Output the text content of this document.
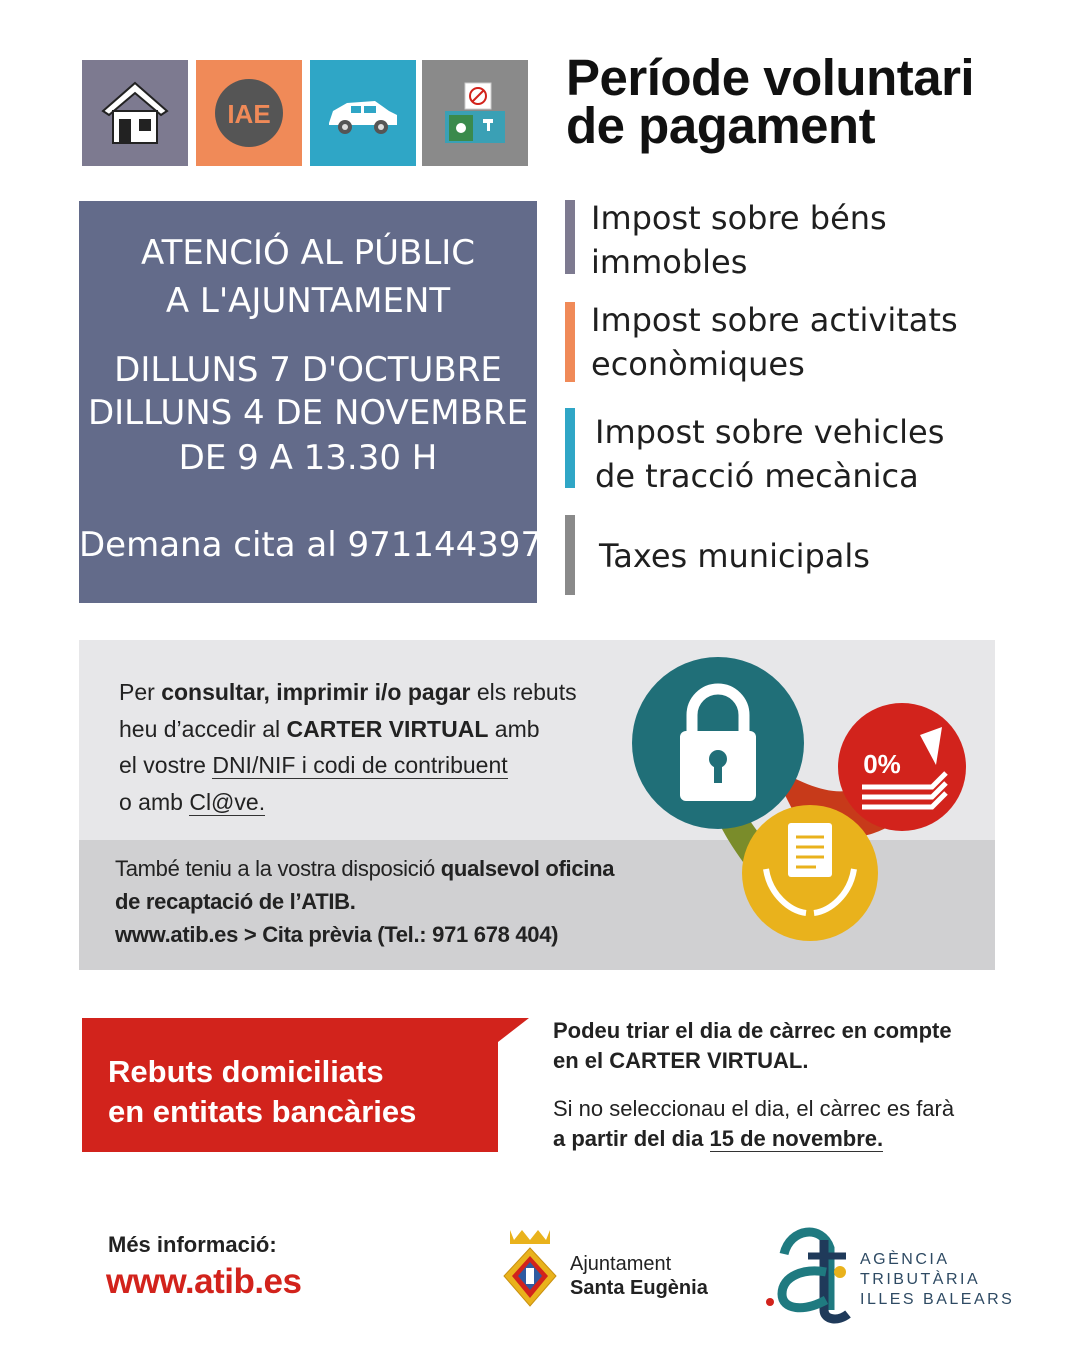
IAE
Període voluntari
de pagament
ATENCIÓ AL PÚBLIC
A L'AJUNTAMENT
DILLUNS 7 D'OCTUBRE
DILLUNS 4 DE NOVEMBRE
DE 9 A 13.30 H
Demana cita al 971144397
Impost sobre béns
immobles
Impost sobre activitats
econòmiques
Impost sobre vehicles
de tracció mecànica
Taxes municipals
Per consultar, imprimir i/o pagar els rebuts
heu d’accedir al CARTER VIRTUAL amb
el vostre DNI/NIF i codi de contribuent
o amb Cl@ve.
També teniu a la vostra disposició qualsevol oficina
de recaptació de l’ATIB.
www.atib.es > Cita prèvia (Tel.: 971 678 404)
0%
Rebuts domiciliats
en entitats bancàries
Podeu triar el dia de càrrec en compte
en el CARTER VIRTUAL.
Si no seleccionau el dia, el càrrec es farà
a partir del dia 15 de novembre.
Més informació:
www.atib.es	Ajuntament
Santa Eugènia
AGÈNCIA
TRIBUTÀRIA
ILLES BALEARS
